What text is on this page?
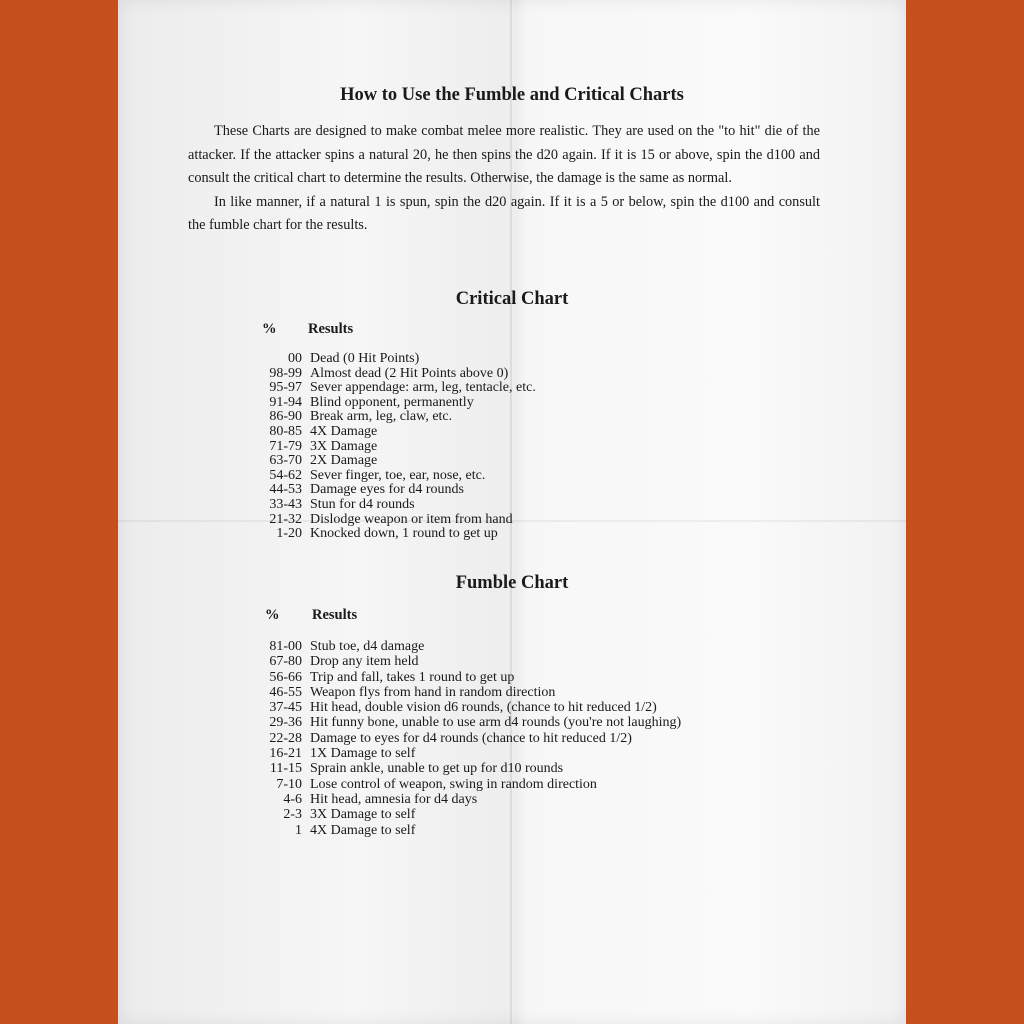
How to Use the Fumble and Critical Charts

These Charts are designed to make combat melee more realistic. They are used on the "to hit" die of the attacker. If the attacker spins a natural 20, he then spins the d20 again. If it is 15 or above, spin the d100 and consult the critical chart to determine the results. Otherwise, the damage is the same as normal.

In like manner, if a natural 1 is spun, spin the d20 again. If it is a 5 or below, spin the d100 and consult the fumble chart for the results.

Critical Chart
% Results
00 Dead (0 Hit Points)
98-99 Almost dead (2 Hit Points above 0)
95-97 Sever appendage: arm, leg, tentacle, etc.
91-94 Blind opponent, permanently
86-90 Break arm, leg, claw, etc.
80-85 4X Damage
71-79 3X Damage
63-70 2X Damage
54-62 Sever finger, toe, ear, nose, etc.
44-53 Damage eyes for d4 rounds
33-43 Stun for d4 rounds
21-32 Dislodge weapon or item from hand
1-20 Knocked down, 1 round to get up
Fumble Chart
% Results
81-00 Stub toe, d4 damage
67-80 Drop any item held
56-66 Trip and fall, takes 1 round to get up
46-55 Weapon flys from hand in random direction
37-45 Hit head, double vision d6 rounds, (chance to hit reduced 1/2)
29-36 Hit funny bone, unable to use arm d4 rounds (you're not laughing)
22-28 Damage to eyes for d4 rounds (chance to hit reduced 1/2)
16-21 1X Damage to self
11-15 Sprain ankle, unable to get up for d10 rounds
7-10 Lose control of weapon, swing in random direction
4-6 Hit head, amnesia for d4 days
2-3 3X Damage to self
1 4X Damage to self
